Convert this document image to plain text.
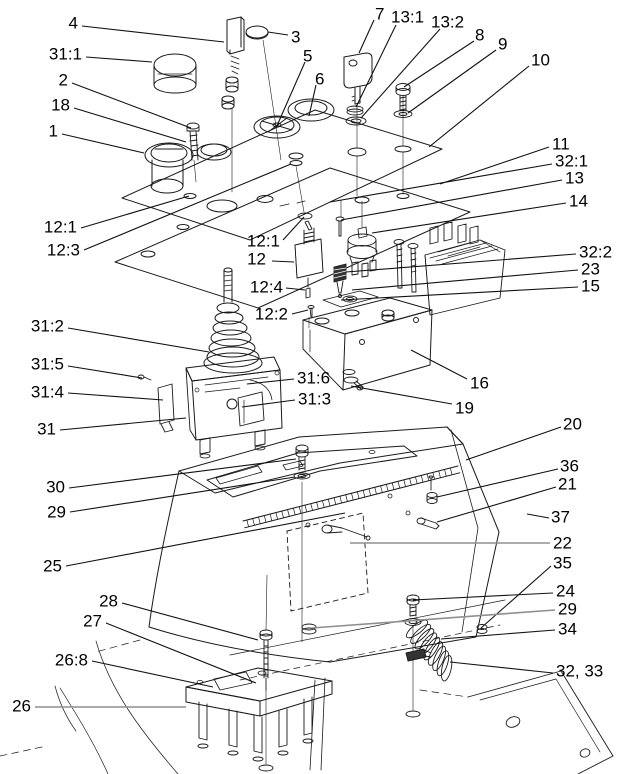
4
31:1
2
18
1
3
5
6
7 13:1 13:2
8 9
10
11
32:1
13
14
32:2
23
15
12:1
12
12:4
12:2
12:1
12:3
31:2
31:5
31:4
31
31:6
31:3
30
29
25
20
36
21
37
22
35
24
29
34
32, 33
28
27
26:8
26
16
19
